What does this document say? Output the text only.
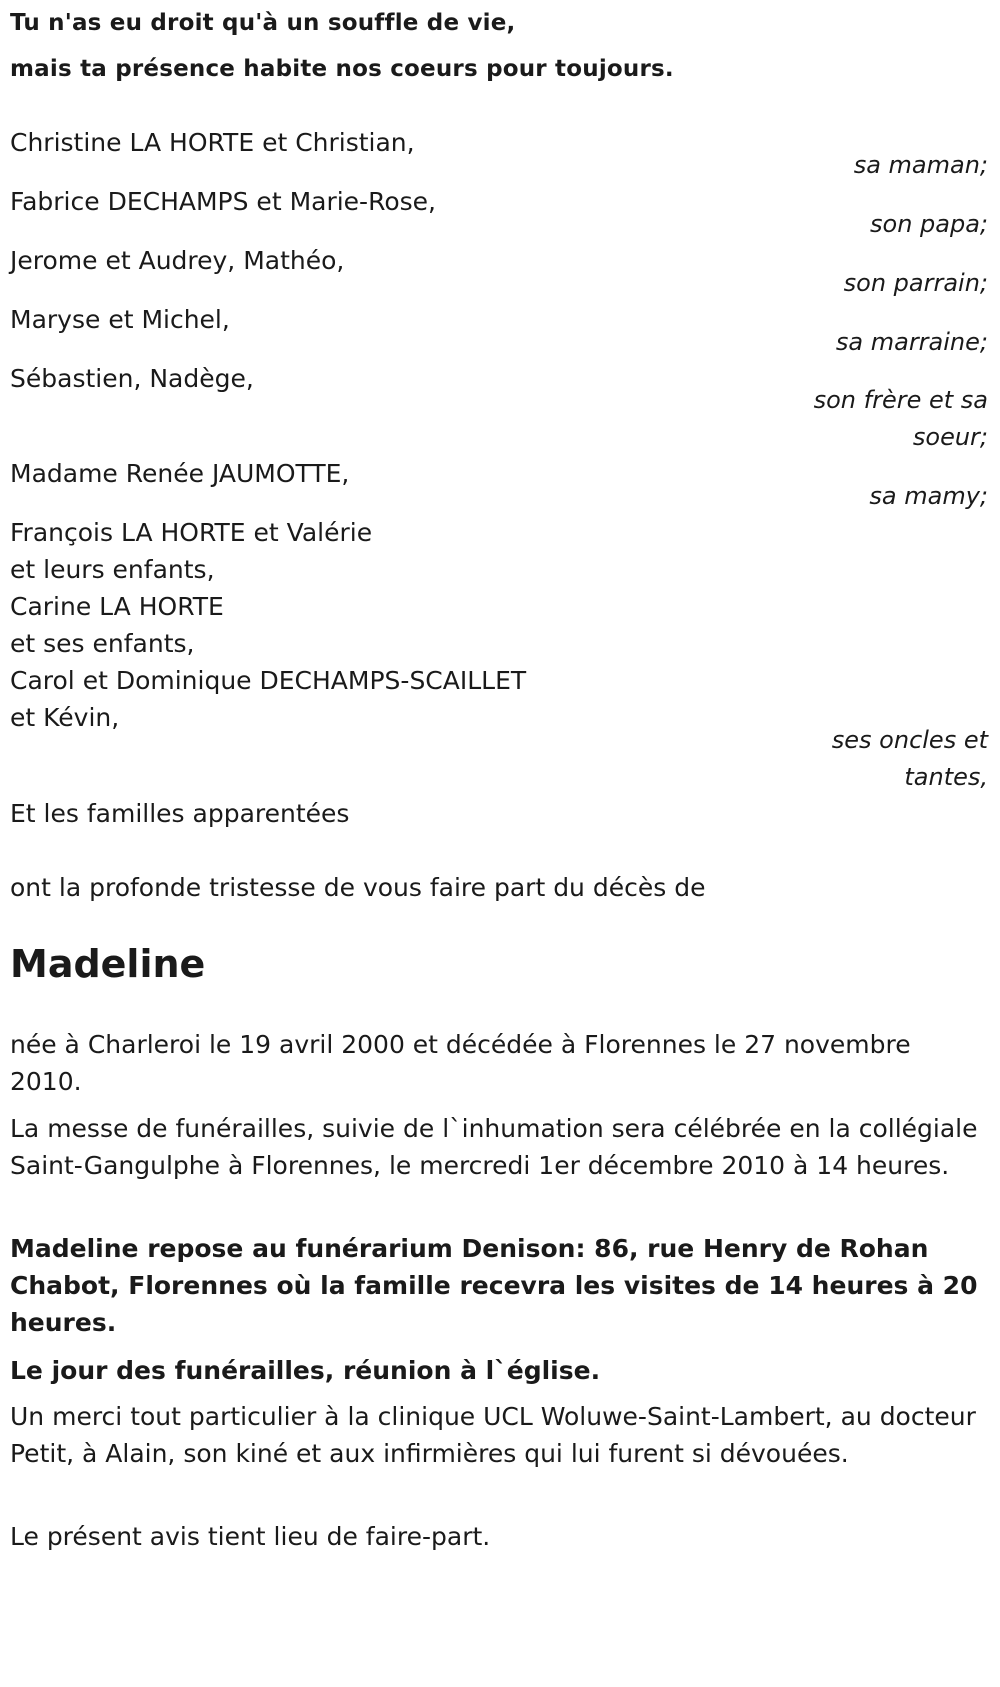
Tu n'as eu droit qu'à un souffle de vie,
mais ta présence habite nos coeurs pour toujours.
Christine LA HORTE et Christian,
sa maman;
Fabrice DECHAMPS et Marie-Rose,
son papa;
Jerome et Audrey, Mathéo,
son parrain;
Maryse et Michel,
sa marraine;
Sébastien, Nadège,
son frère et sa
soeur;
Madame Renée JAUMOTTE,
sa mamy;
François LA HORTE et Valérie
et leurs enfants,
Carine LA HORTE
et ses enfants,
Carol et Dominique DECHAMPS-SCAILLET
et Kévin,
ses oncles et
tantes,
Et les familles apparentées
ont la profonde tristesse de vous faire part du décès de
Madeline
née à Charleroi le 19 avril 2000 et décédée à Florennes le 27 novembre 2010.
La messe de funérailles, suivie de l`inhumation sera célébrée en la collégiale Saint-Gangulphe à Florennes, le mercredi 1er décembre 2010 à 14 heures.
Madeline repose au funérarium Denison: 86, rue Henry de Rohan Chabot, Florennes où la famille recevra les visites de 14 heures à 20 heures.
Le jour des funérailles, réunion à l`église.
Un merci tout particulier à la clinique UCL Woluwe-Saint-Lambert, au docteur Petit, à Alain, son kiné et aux infirmières qui lui furent si dévouées.
Le présent avis tient lieu de faire-part.
